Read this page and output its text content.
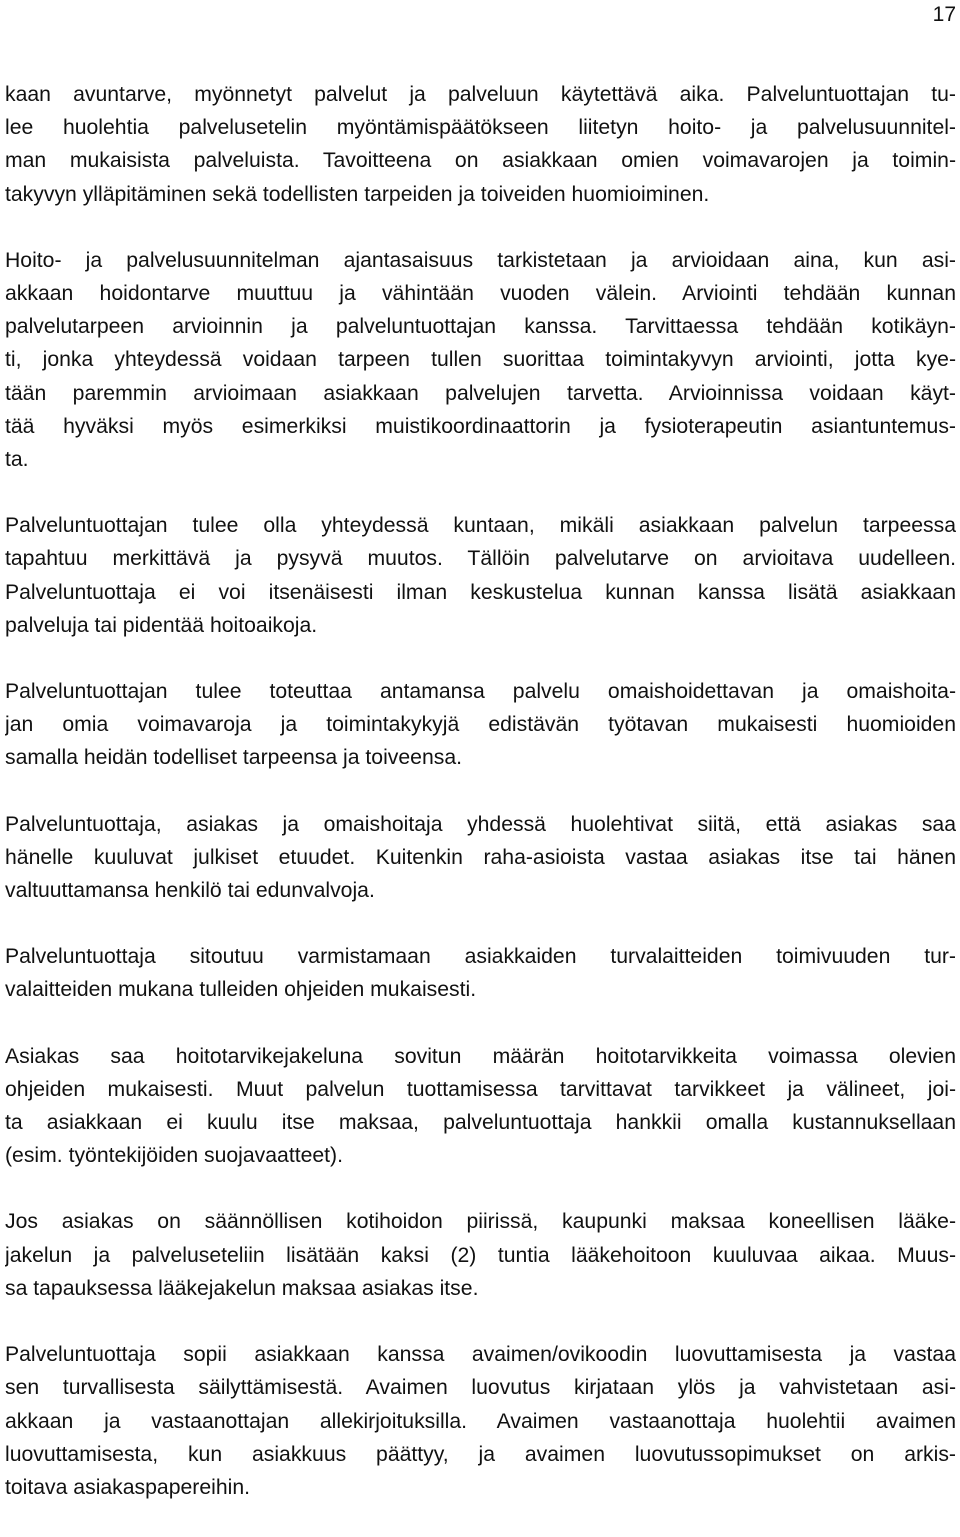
17

kaan avuntarve, myönnetyt palvelut ja palveluun käytettävä aika. Palveluntuottajan tu-
lee huolehtia palvelusetelin myöntämispäätökseen liitetyn hoito- ja palvelusuunnitel-
man mukaisista palveluista. Tavoitteena on asiakkaan omien voimavarojen ja toimin-
takyvyn ylläpitäminen sekä todellisten tarpeiden ja toiveiden huomioiminen.

Hoito- ja palvelusuunnitelman ajantasaisuus tarkistetaan ja arvioidaan aina, kun asi-
akkaan hoidontarve muuttuu ja vähintään vuoden välein. Arviointi tehdään kunnan
palvelutarpeen arvioinnin ja palveluntuottajan kanssa. Tarvittaessa tehdään kotikäyn-
ti, jonka yhteydessä voidaan tarpeen tullen suorittaa toimintakyvyn arviointi, jotta kye-
tään paremmin arvioimaan asiakkaan palvelujen tarvetta. Arvioinnissa voidaan käyt-
tää hyväksi myös esimerkiksi muistikoordinaattorin ja fysioterapeutin asiantuntemus-
ta.

Palveluntuottajan tulee olla yhteydessä kuntaan, mikäli asiakkaan palvelun tarpeessa
tapahtuu merkittävä ja pysyvä muutos. Tällöin palvelutarve on arvioitava uudelleen.
Palveluntuottaja ei voi itsenäisesti ilman keskustelua kunnan kanssa lisätä asiakkaan
palveluja tai pidentää hoitoaikoja.

Palveluntuottajan tulee toteuttaa antamansa palvelu omaishoidettavan ja omaishoita-
jan omia voimavaroja ja toimintakykyjä edistävän työtavan mukaisesti huomioiden
samalla heidän todelliset tarpeensa ja toiveensa.

Palveluntuottaja, asiakas ja omaishoitaja yhdessä huolehtivat siitä, että asiakas saa
hänelle kuuluvat julkiset etuudet. Kuitenkin raha-asioista vastaa asiakas itse tai hänen
valtuuttamansa henkilö tai edunvalvoja.

Palveluntuottaja sitoutuu varmistamaan asiakkaiden turvalaitteiden toimivuuden tur-
valaitteiden mukana tulleiden ohjeiden mukaisesti.

Asiakas saa hoitotarvikejakeluna sovitun määrän hoitotarvikkeita voimassa olevien
ohjeiden mukaisesti. Muut palvelun tuottamisessa tarvittavat tarvikkeet ja välineet, joi-
ta asiakkaan ei kuulu itse maksaa, palveluntuottaja hankkii omalla kustannuksellaan
(esim. työntekijöiden suojavaatteet).

Jos asiakas on säännöllisen kotihoidon piirissä, kaupunki maksaa koneellisen lääke-
jakelun ja palveluseteliin lisätään kaksi (2) tuntia lääkehoitoon kuuluvaa aikaa. Muus-
sa tapauksessa lääkejakelun maksaa asiakas itse.

Palveluntuottaja sopii asiakkaan kanssa avaimen/ovikoodin luovuttamisesta ja vastaa
sen turvallisesta säilyttämisestä. Avaimen luovutus kirjataan ylös ja vahvistetaan asi-
akkaan ja vastaanottajan allekirjoituksilla. Avaimen vastaanottaja huolehtii avaimen
luovuttamisesta, kun asiakkuus päättyy, ja avaimen luovutussopimukset on arkis-
toitava asiakaspapereihin.
